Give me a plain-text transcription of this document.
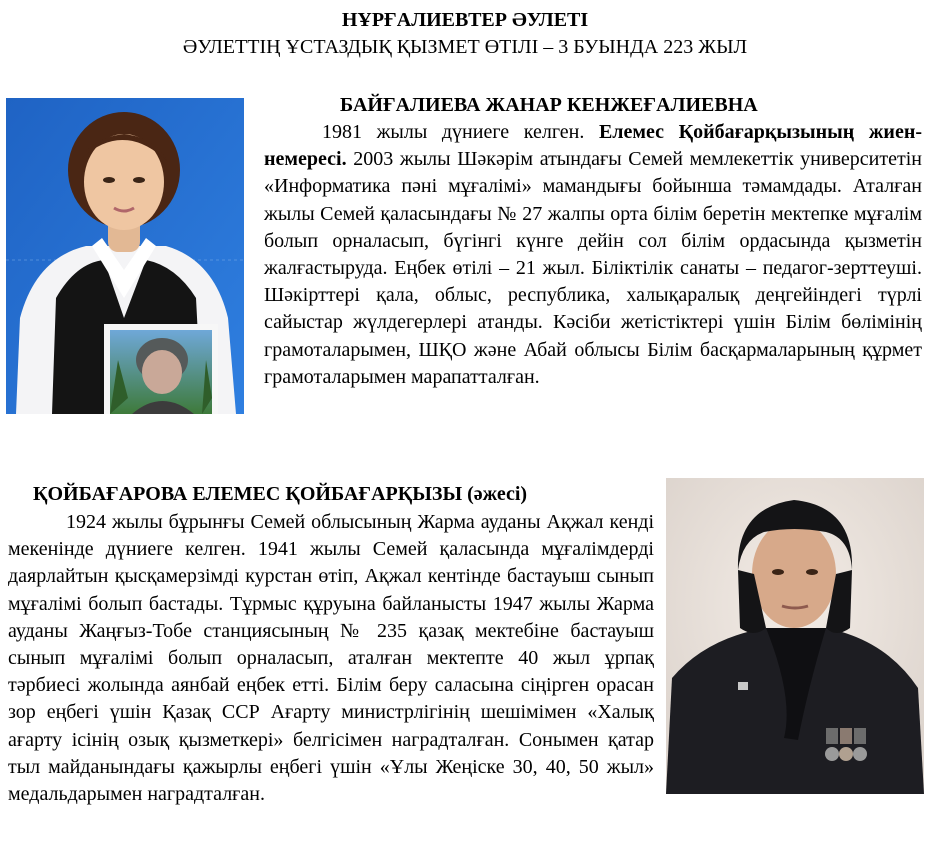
НҰРҒАЛИЕВТЕР ӘУЛЕТІ
ӘУЛЕТТІҢ ҰСТАЗДЫҚ ҚЫЗМЕТ ӨТІЛІ – 3 БУЫНДА 223 ЖЫЛ
БАЙҒАЛИЕВА ЖАНАР КЕНЖЕҒАЛИЕВНА
1981 жылы дүниеге келген. Елемес Қойбағарқызының жиен-немересі. 2003 жылы Шәкәрім атындағы Семей мемлекеттік университетін «Информатика пәні мұғалімі» мамандығы бойынша тәмамдады. Аталған жылы Семей қаласындағы № 27 жалпы орта білім беретін мектепке мұғалім болып орналасып, бүгінгі күнге дейін сол білім ордасында қызметін жалғастыруда. Еңбек өтілі – 21 жыл. Біліктілік санаты – педагог-зерттеуші. Шәкірттері қала, облыс, республика, халықаралық деңгейіндегі түрлі сайыстар жүлдегерлері атанды. Кәсіби жетістіктері үшін Білім бөлімінің грамоталарымен, ШҚО және Абай облысы Білім басқармаларының құрмет грамоталарымен марапатталған.
ҚОЙБАҒАРОВА ЕЛЕМЕС ҚОЙБАҒАРҚЫЗЫ (әжесі)
1924 жылы бұрынғы Семей облысының Жарма ауданы Ақжал кенді мекенінде дүниеге келген. 1941 жылы Семей қаласында мұғалімдерді даярлайтын қысқамерзімді курстан өтіп, Ақжал кентінде бастауыш сынып мұғалімі болып бастады. Тұрмыс құруына байланысты 1947 жылы Жарма ауданы Жаңғыз-Тобе станциясының № 235 қазақ мектебіне бастауыш сынып мұғалімі болып орналасып, аталған мектепте 40 жыл ұрпақ тәрбиесі жолында аянбай еңбек етті. Білім беру саласына сіңірген орасан зор еңбегі үшін Қазақ ССР Ағарту министрлігінің шешімімен «Халық ағарту ісінің озық қызметкері» белгісімен наградталған. Сонымен қатар тыл майданындағы қажырлы еңбегі үшін «Ұлы Жеңіске 30, 40, 50 жыл» медальдарымен наградталған.
